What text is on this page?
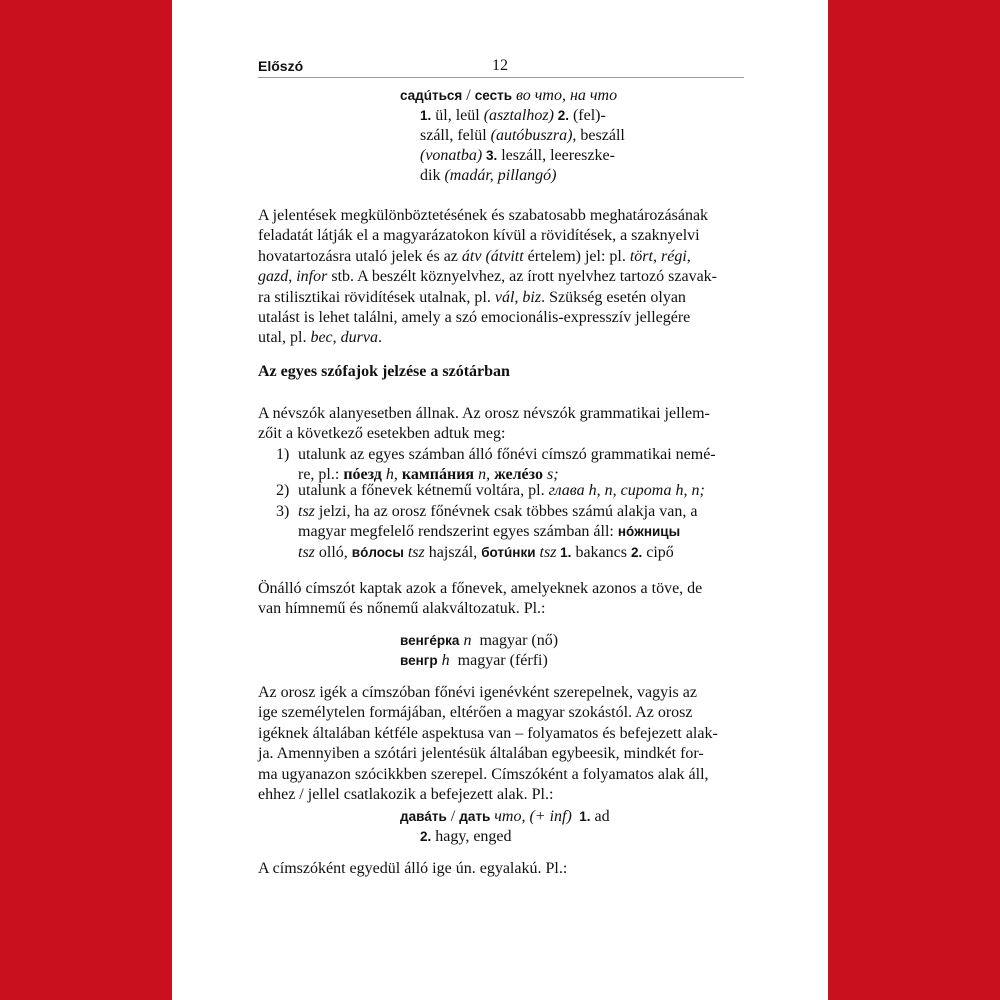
Előszó	12
садúться / сесть во что, на что
1. ül, leül (asztalhoz) 2. (fel)-
száll, felül (autóbuszra), beszáll
(vonatba) 3. leszáll, leereszke-
dik (madár, pillangó)
A jelentések megkülönböztetésének és szabatosabb meghatározásának
feladatát látják el a magyarázatokon kívül a rövidítések, a szaknyelvi
hovatartozásra utaló jelek és az átv (átvitt értelem) jel: pl. tört, régi,
gazd, infor stb. A beszélt köznyelvhez, az írott nyelvhez tartozó szavak-
ra stilisztikai rövidítések utalnak, pl. vál, biz. Szükség esetén olyan
utalást is lehet találni, amely a szó emocionális-expresszív jellegére
utal, pl. bec, durva.
Az egyes szófajok jelzése a szótárban
A névszók alanyesetben állnak. Az orosz névszók grammatikai jellem-
zőit a következő esetekben adtuk meg:
1) utalunk az egyes számban álló főnévi címszó grammatikai nemé-
re, pl.: пóезд h, кампáния n, желéзо s;
2) utalunk a főnevek kétnemű voltára, pl. глава h, n, сирота h, n;
3) tsz jelzi, ha az orosz főnévnek csak többes számú alakja van, a
magyar megfelelő rendszerint egyes számban áll: нóжницы
tsz olló, вóлосы tsz hajszál, ботúнки tsz 1. bakancs 2. cipő
Önálló címszót kaptak azok a főnevek, amelyeknek azonos a töve, de
van hímnemű és nőnemű alakváltozatuk. Pl.:
венгéрка n  magyar (nő)
венгр h  magyar (férfi)
Az orosz igék a címszóban főnévi igenévként szerepelnek, vagyis az
ige személytelen formájában, eltérően a magyar szokástól. Az orosz
igéknek általában kétféle aspektusa van – folyamatos és befejezett alak-
ja. Amennyiben a szótári jelentésük általában egybeesik, mindkét for-
ma ugyanazon szócikkben szerepel. Címszóként a folyamatos alak áll,
ehhez / jellel csatlakozik a befejezett alak. Pl.:
давáть / дать что, (+ inf)  1. ad
2. hagy, enged
A címszóként egyedül álló ige ún. egyalakú. Pl.:
